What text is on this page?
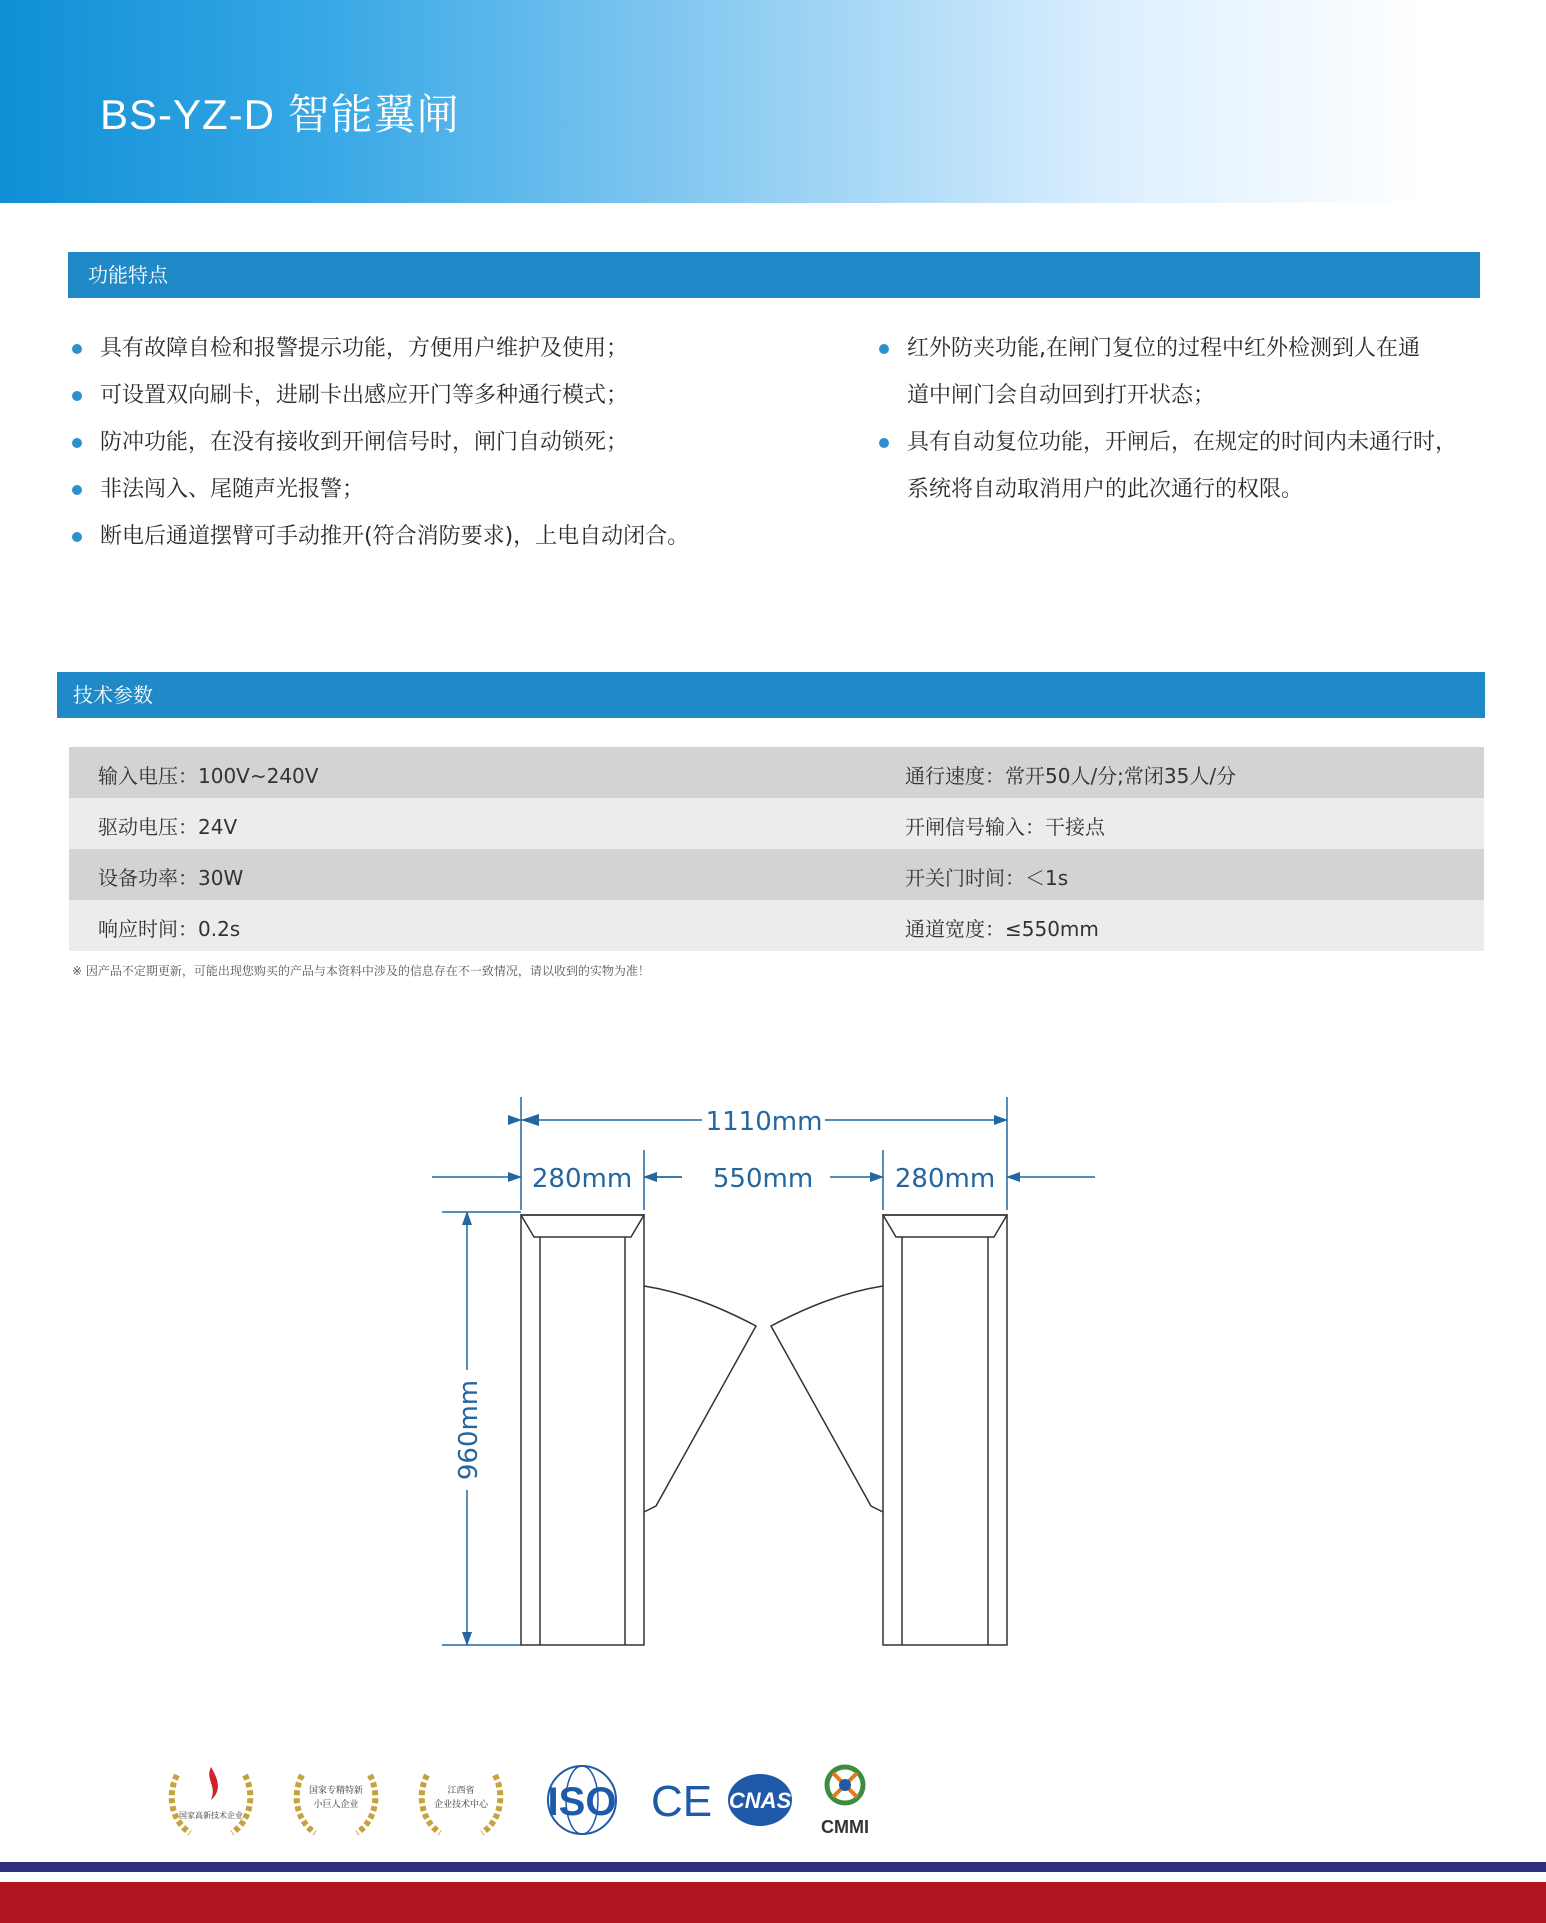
BS-YZ-D 智能翼闸
功能特点
具有故障自检和报警提示功能，方便用户维护及使用；
可设置双向刷卡，进刷卡出感应开门等多种通行模式；
防冲功能，在没有接收到开闸信号时，闸门自动锁死；
非法闯入、尾随声光报警；
断电后通道摆臂可手动推开(符合消防要求)，上电自动闭合。
红外防夹功能,在闸门复位的过程中红外检测到人在通
道中闸门会自动回到打开状态；
具有自动复位功能，开闸后，在规定的时间内未通行时，
系统将自动取消用户的此次通行的权限。
技术参数
输入电压：100V~240V	通行速度：常开50人/分;常闭35人/分
驱动电压：24V	开闸信号输入：干接点
设备功率：30W	开关门时间：＜1s
响应时间：0.2s	通道宽度：≤550mm
※ 因产品不定期更新，可能出现您购买的产品与本资料中涉及的信息存在不一致情况，请以收到的实物为准！
1110mm
280mm	550mm	280mm
960mm
国家高新技术企业
国家专精特新
小巨人企业
江西省
企业技术中心 ISO CE CNAS
CMMI
